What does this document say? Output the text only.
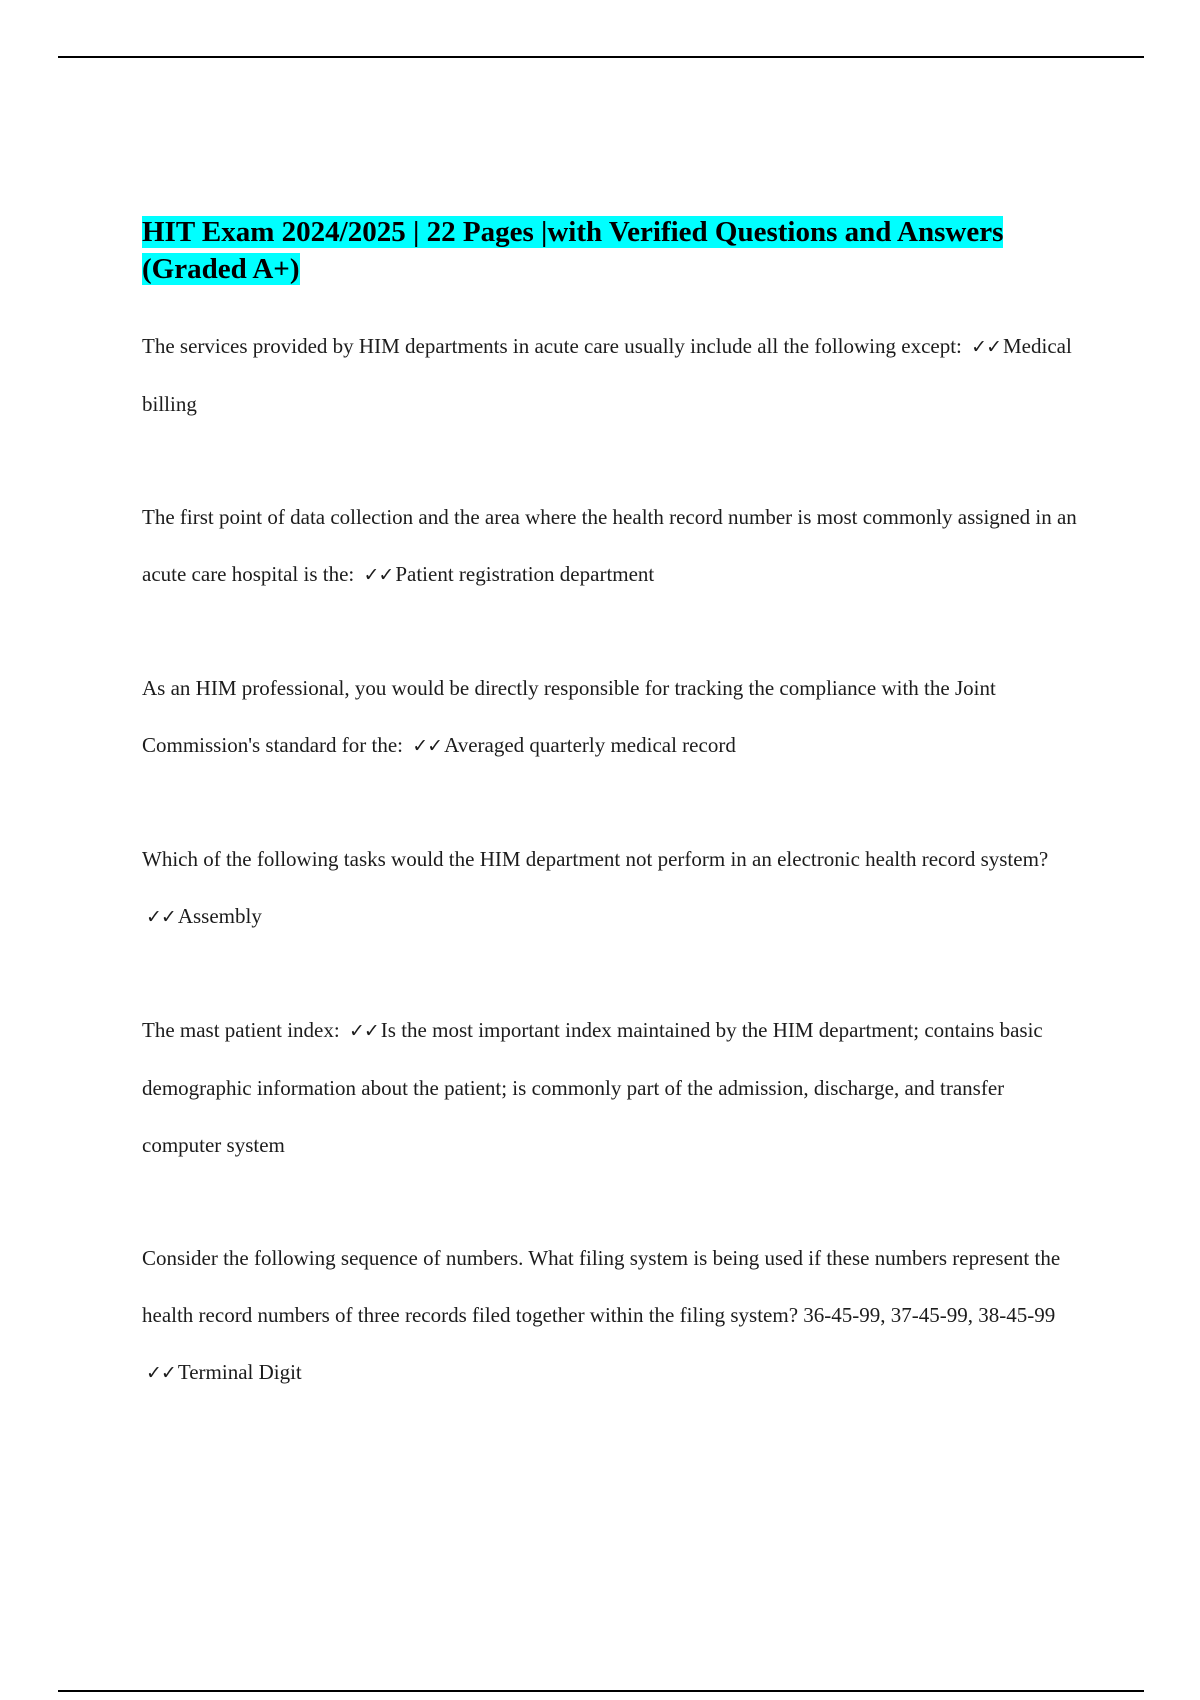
HIT Exam 2024/2025 | 22 Pages |with Verified Questions and Answers (Graded A+)

The services provided by HIM departments in acute care usually include all the following except: ✓✓Medical billing

The first point of data collection and the area where the health record number is most commonly assigned in an acute care hospital is the: ✓✓Patient registration department

As an HIM professional, you would be directly responsible for tracking the compliance with the Joint Commission's standard for the: ✓✓Averaged quarterly medical record

Which of the following tasks would the HIM department not perform in an electronic health record system? ✓✓Assembly

The mast patient index: ✓✓Is the most important index maintained by the HIM department; contains basic demographic information about the patient; is commonly part of the admission, discharge, and transfer computer system

Consider the following sequence of numbers. What filing system is being used if these numbers represent the health record numbers of three records filed together within the filing system? 36-45-99, 37-45-99, 38-45-99 ✓✓Terminal Digit
